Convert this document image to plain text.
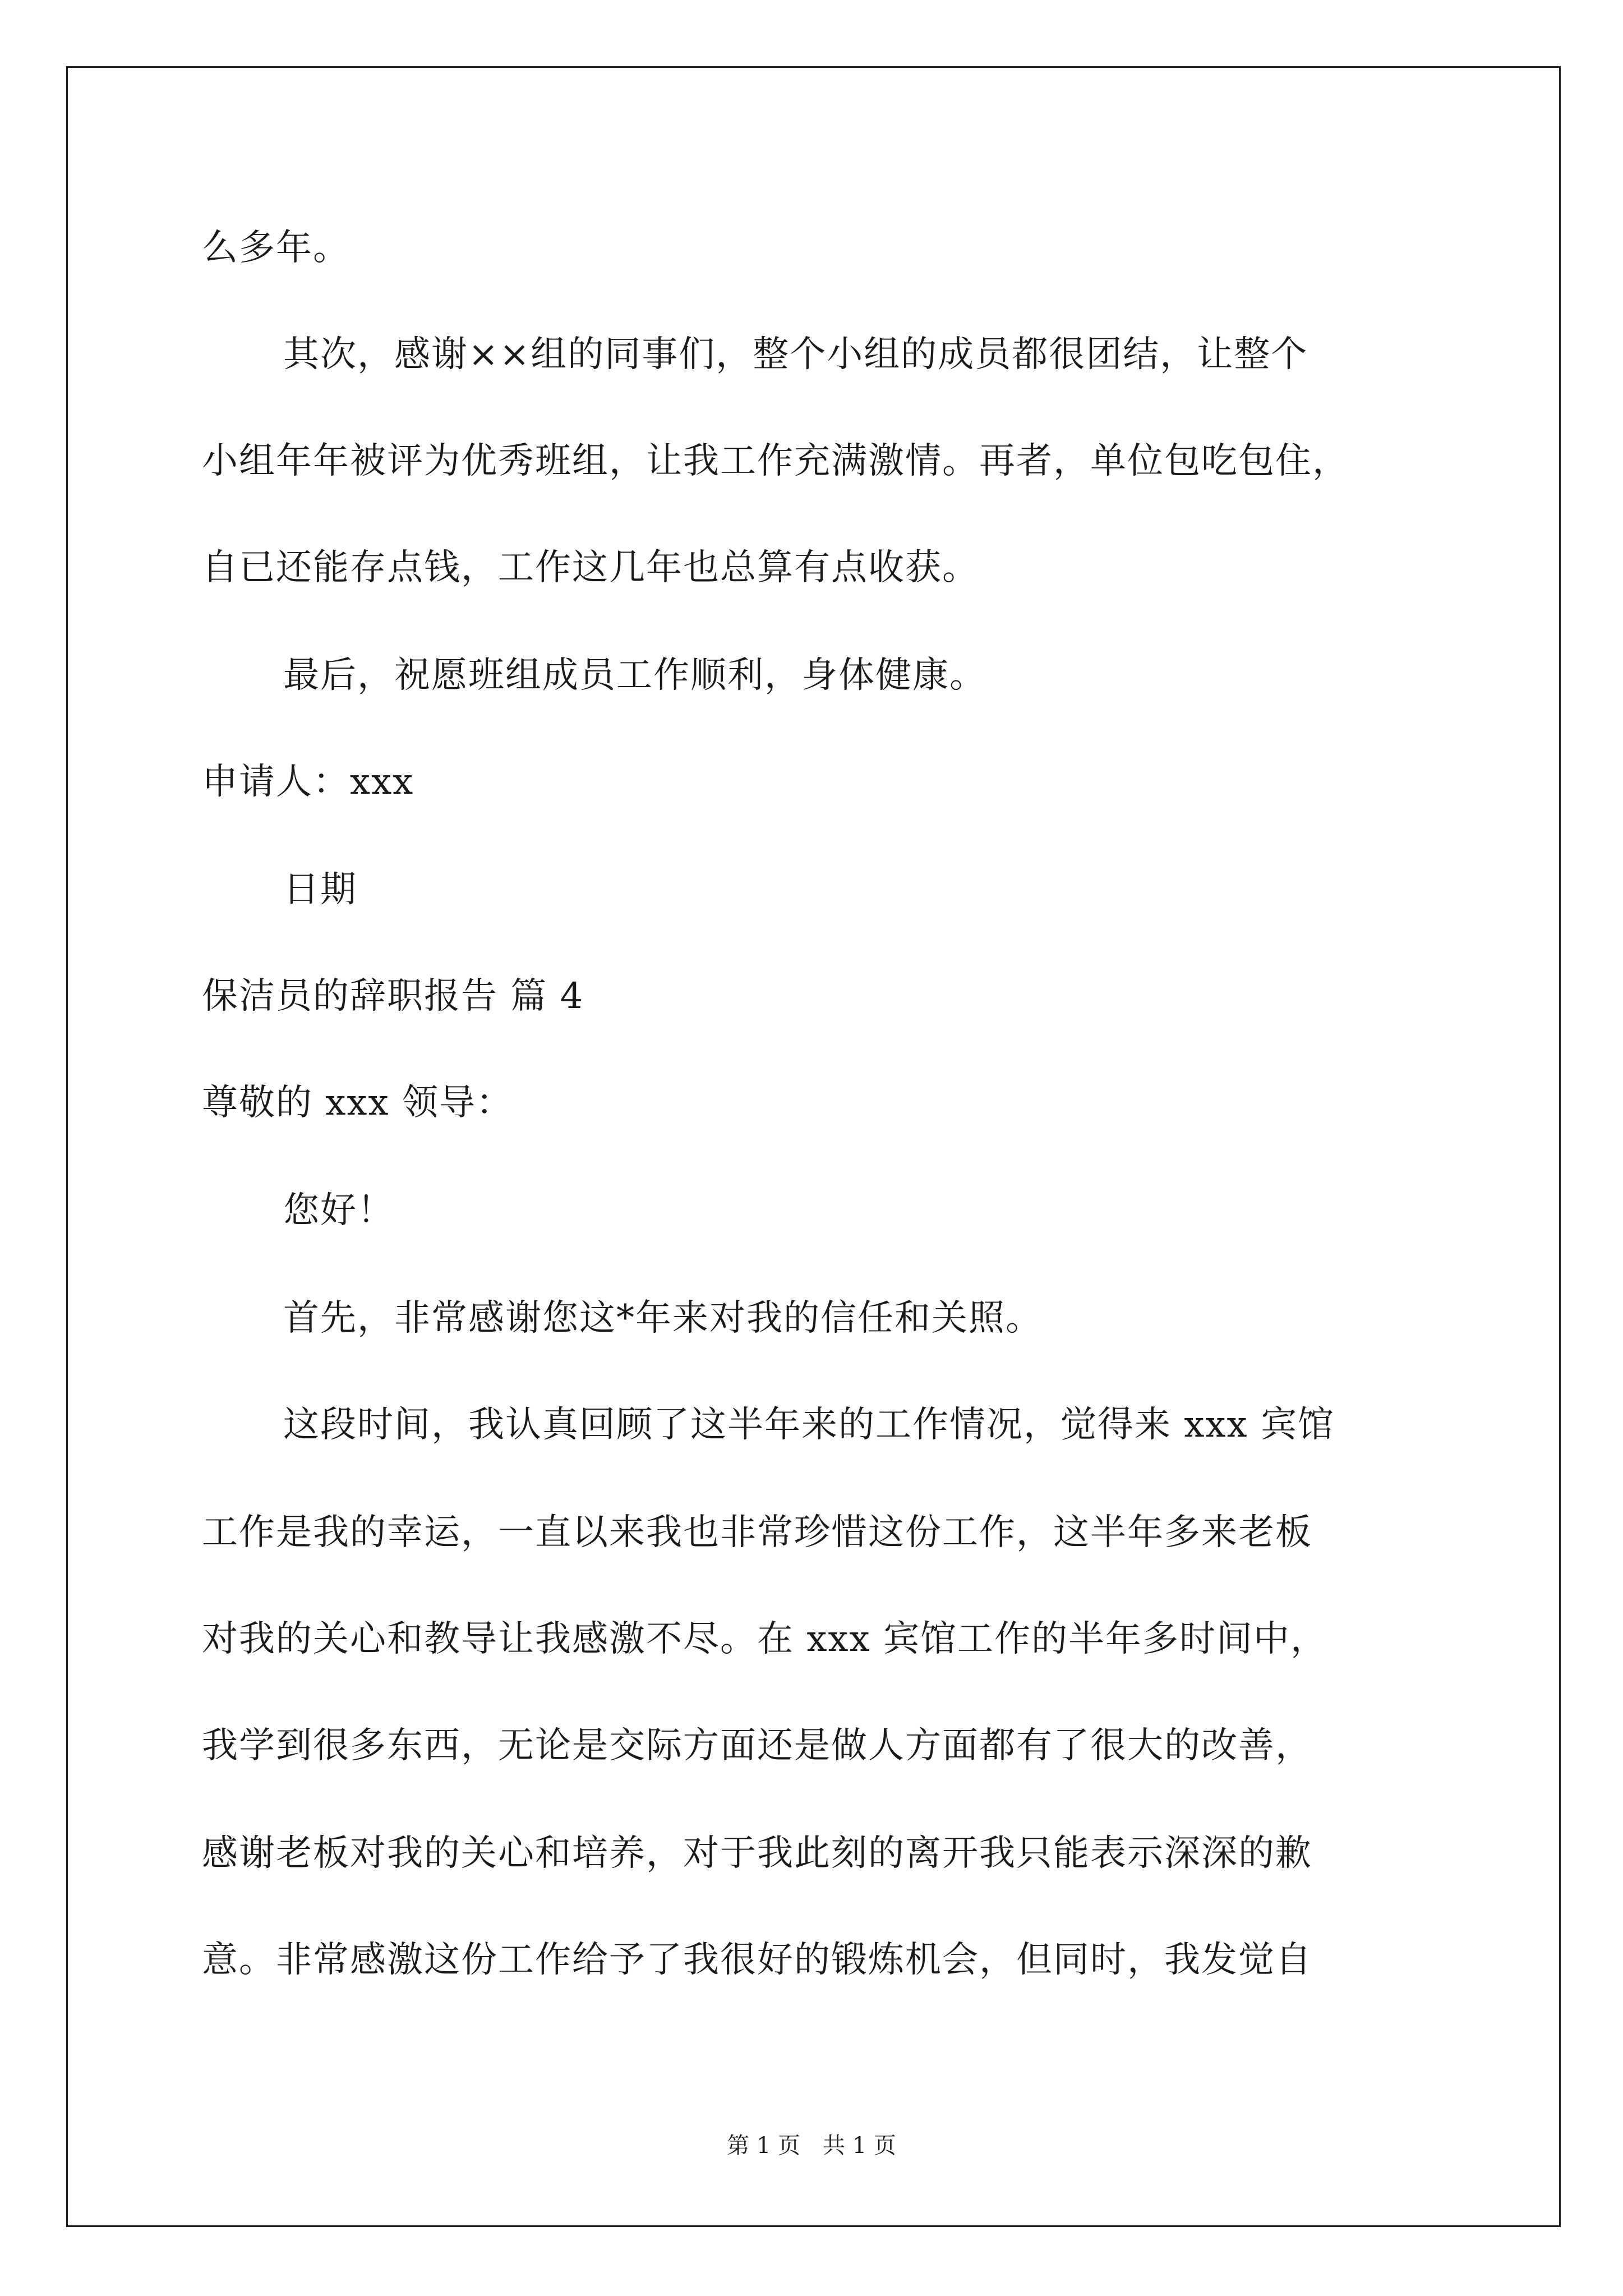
么多年。
其次，感谢××组的同事们，整个小组的成员都很团结，让整个
小组年年被评为优秀班组，让我工作充满激情。再者，单位包吃包住，
自已还能存点钱，工作这几年也总算有点收获。
最后，祝愿班组成员工作顺利，身体健康。
申请人：xxx
日期
保洁员的辞职报告 篇 4
尊敬的 xxx 领导：
您好！
首先，非常感谢您这*年来对我的信任和关照。
这段时间，我认真回顾了这半年来的工作情况，觉得来 xxx 宾馆
工作是我的幸运，一直以来我也非常珍惜这份工作，这半年多来老板
对我的关心和教导让我感激不尽。在 xxx 宾馆工作的半年多时间中，
我学到很多东西，无论是交际方面还是做人方面都有了很大的改善，
感谢老板对我的关心和培养，对于我此刻的离开我只能表示深深的歉
意。非常感激这份工作给予了我很好的锻炼机会，但同时，我发觉自
第 1 页　共 1 页
